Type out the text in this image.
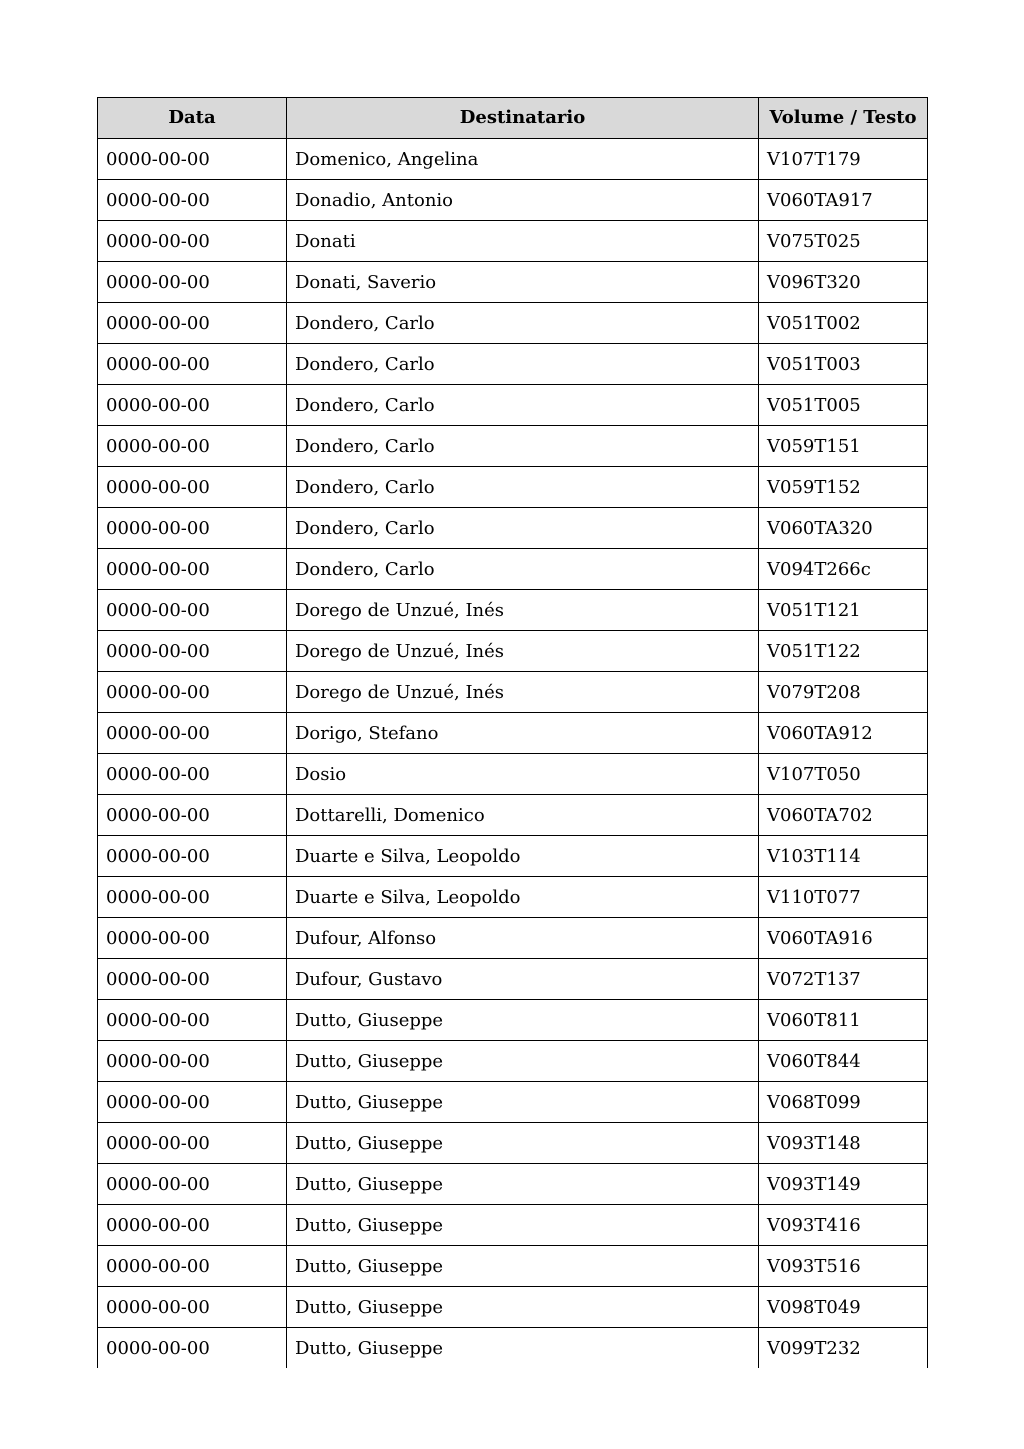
Data	Destinatario	Volume / Testo
0000-00-00	Domenico, Angelina	V107T179
0000-00-00	Donadio, Antonio	V060TA917
0000-00-00	Donati	V075T025
0000-00-00	Donati, Saverio	V096T320
0000-00-00	Dondero, Carlo	V051T002
0000-00-00	Dondero, Carlo	V051T003
0000-00-00	Dondero, Carlo	V051T005
0000-00-00	Dondero, Carlo	V059T151
0000-00-00	Dondero, Carlo	V059T152
0000-00-00	Dondero, Carlo	V060TA320
0000-00-00	Dondero, Carlo	V094T266c
0000-00-00	Dorego de Unzué, Inés	V051T121
0000-00-00	Dorego de Unzué, Inés	V051T122
0000-00-00	Dorego de Unzué, Inés	V079T208
0000-00-00	Dorigo, Stefano	V060TA912
0000-00-00	Dosio	V107T050
0000-00-00	Dottarelli, Domenico	V060TA702
0000-00-00	Duarte e Silva, Leopoldo	V103T114
0000-00-00	Duarte e Silva, Leopoldo	V110T077
0000-00-00	Dufour, Alfonso	V060TA916
0000-00-00	Dufour, Gustavo	V072T137
0000-00-00	Dutto, Giuseppe	V060T811
0000-00-00	Dutto, Giuseppe	V060T844
0000-00-00	Dutto, Giuseppe	V068T099
0000-00-00	Dutto, Giuseppe	V093T148
0000-00-00	Dutto, Giuseppe	V093T149
0000-00-00	Dutto, Giuseppe	V093T416
0000-00-00	Dutto, Giuseppe	V093T516
0000-00-00	Dutto, Giuseppe	V098T049
0000-00-00	Dutto, Giuseppe	V099T232
